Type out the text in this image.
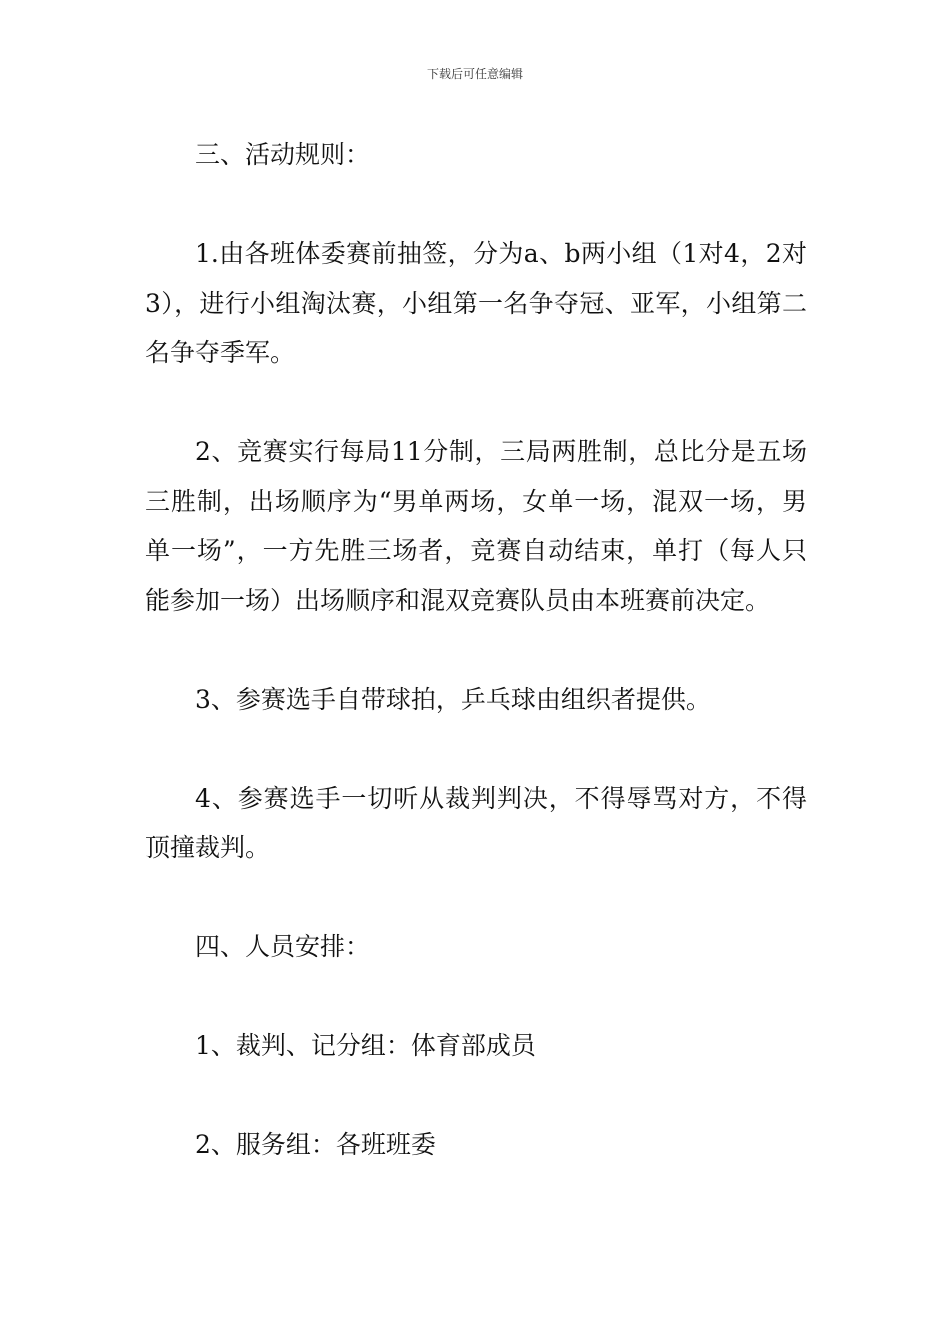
下载后可任意编辑

三、活动规则：

1.由各班体委赛前抽签，分为a、b两小组（1对4，2对3），进行小组淘汰赛，小组第一名争夺冠、亚军，小组第二名争夺季军。

2、竞赛实行每局11分制，三局两胜制，总比分是五场三胜制，出场顺序为“男单两场，女单一场，混双一场，男单一场”，一方先胜三场者，竞赛自动结束，单打（每人只能参加一场）出场顺序和混双竞赛队员由本班赛前决定。

3、参赛选手自带球拍，乒乓球由组织者提供。

4、参赛选手一切听从裁判判决，不得辱骂对方，不得顶撞裁判。

四、人员安排：

1、裁判、记分组：体育部成员

2、服务组：各班班委
